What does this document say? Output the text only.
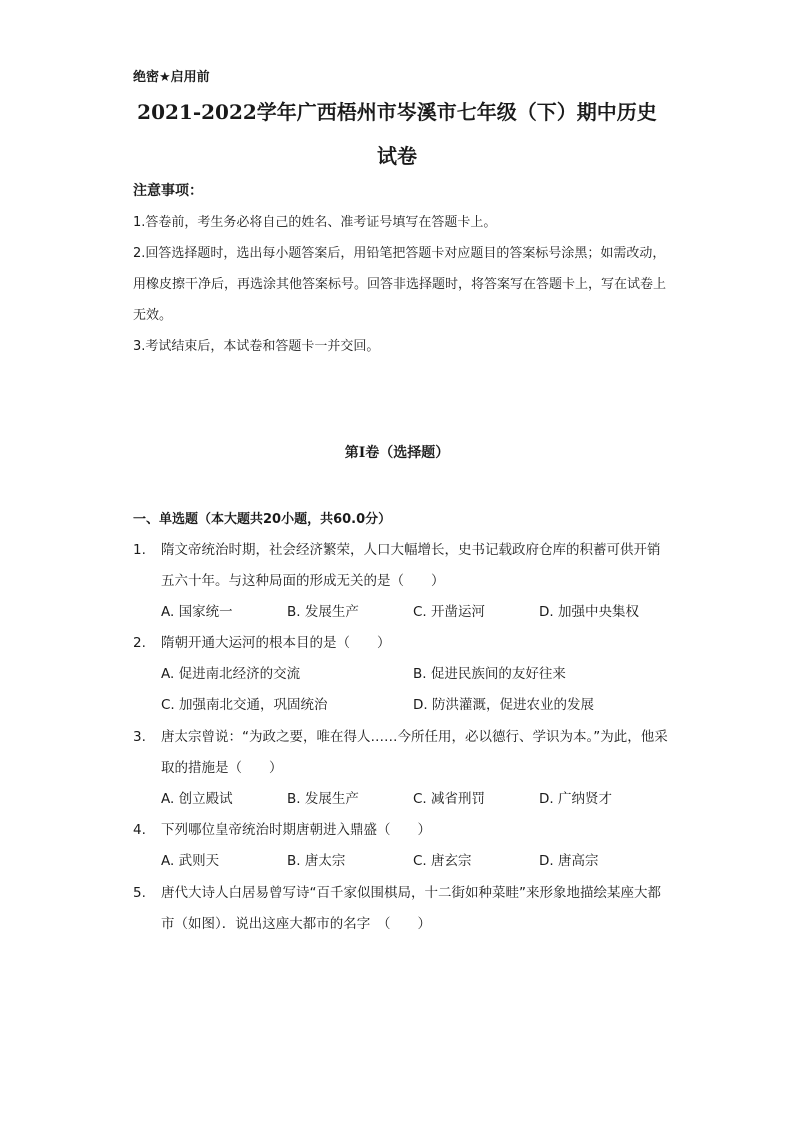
绝密★启用前
2021-2022学年广西梧州市岑溪市七年级（下）期中历史
试卷
注意事项：
1.答卷前，考生务必将自己的姓名、准考证号填写在答题卡上。
2.回答选择题时，选出每小题答案后，用铅笔把答题卡对应题目的答案标号涂黑；如需改动，用橡皮擦干净后，再选涂其他答案标号。回答非选择题时，将答案写在答题卡上，写在试卷上无效。
3.考试结束后，本试卷和答题卡一并交回。
第I卷（选择题）
一、单选题（本大题共20小题，共60.0分）
1.	隋文帝统治时期，社会经济繁荣，人口大幅增长，史书记载政府仓库的积蓄可供开销五六十年。与这种局面的形成无关的是（　　）
A. 国家统一	B. 发展生产	C. 开凿运河	D. 加强中央集权
2.	隋朝开通大运河的根本目的是（　　）
A. 促进南北经济的交流	B. 促进民族间的友好往来
C. 加强南北交通，巩固统治	D. 防洪灌溉，促进农业的发展
3.	唐太宗曾说：“为政之要，唯在得人……今所任用，必以德行、学识为本。”为此，他采取的措施是（　　）
A. 创立殿试	B. 发展生产	C. 减省刑罚	D. 广纳贤才
4.	下列哪位皇帝统治时期唐朝进入鼎盛（　　）
A. 武则天	B. 唐太宗	C. 唐玄宗	D. 唐高宗
5.	唐代大诗人白居易曾写诗“百千家似围棋局，十二街如种菜畦”来形象地描绘某座大都市（如图）．说出这座大都市的名字　（　　）
